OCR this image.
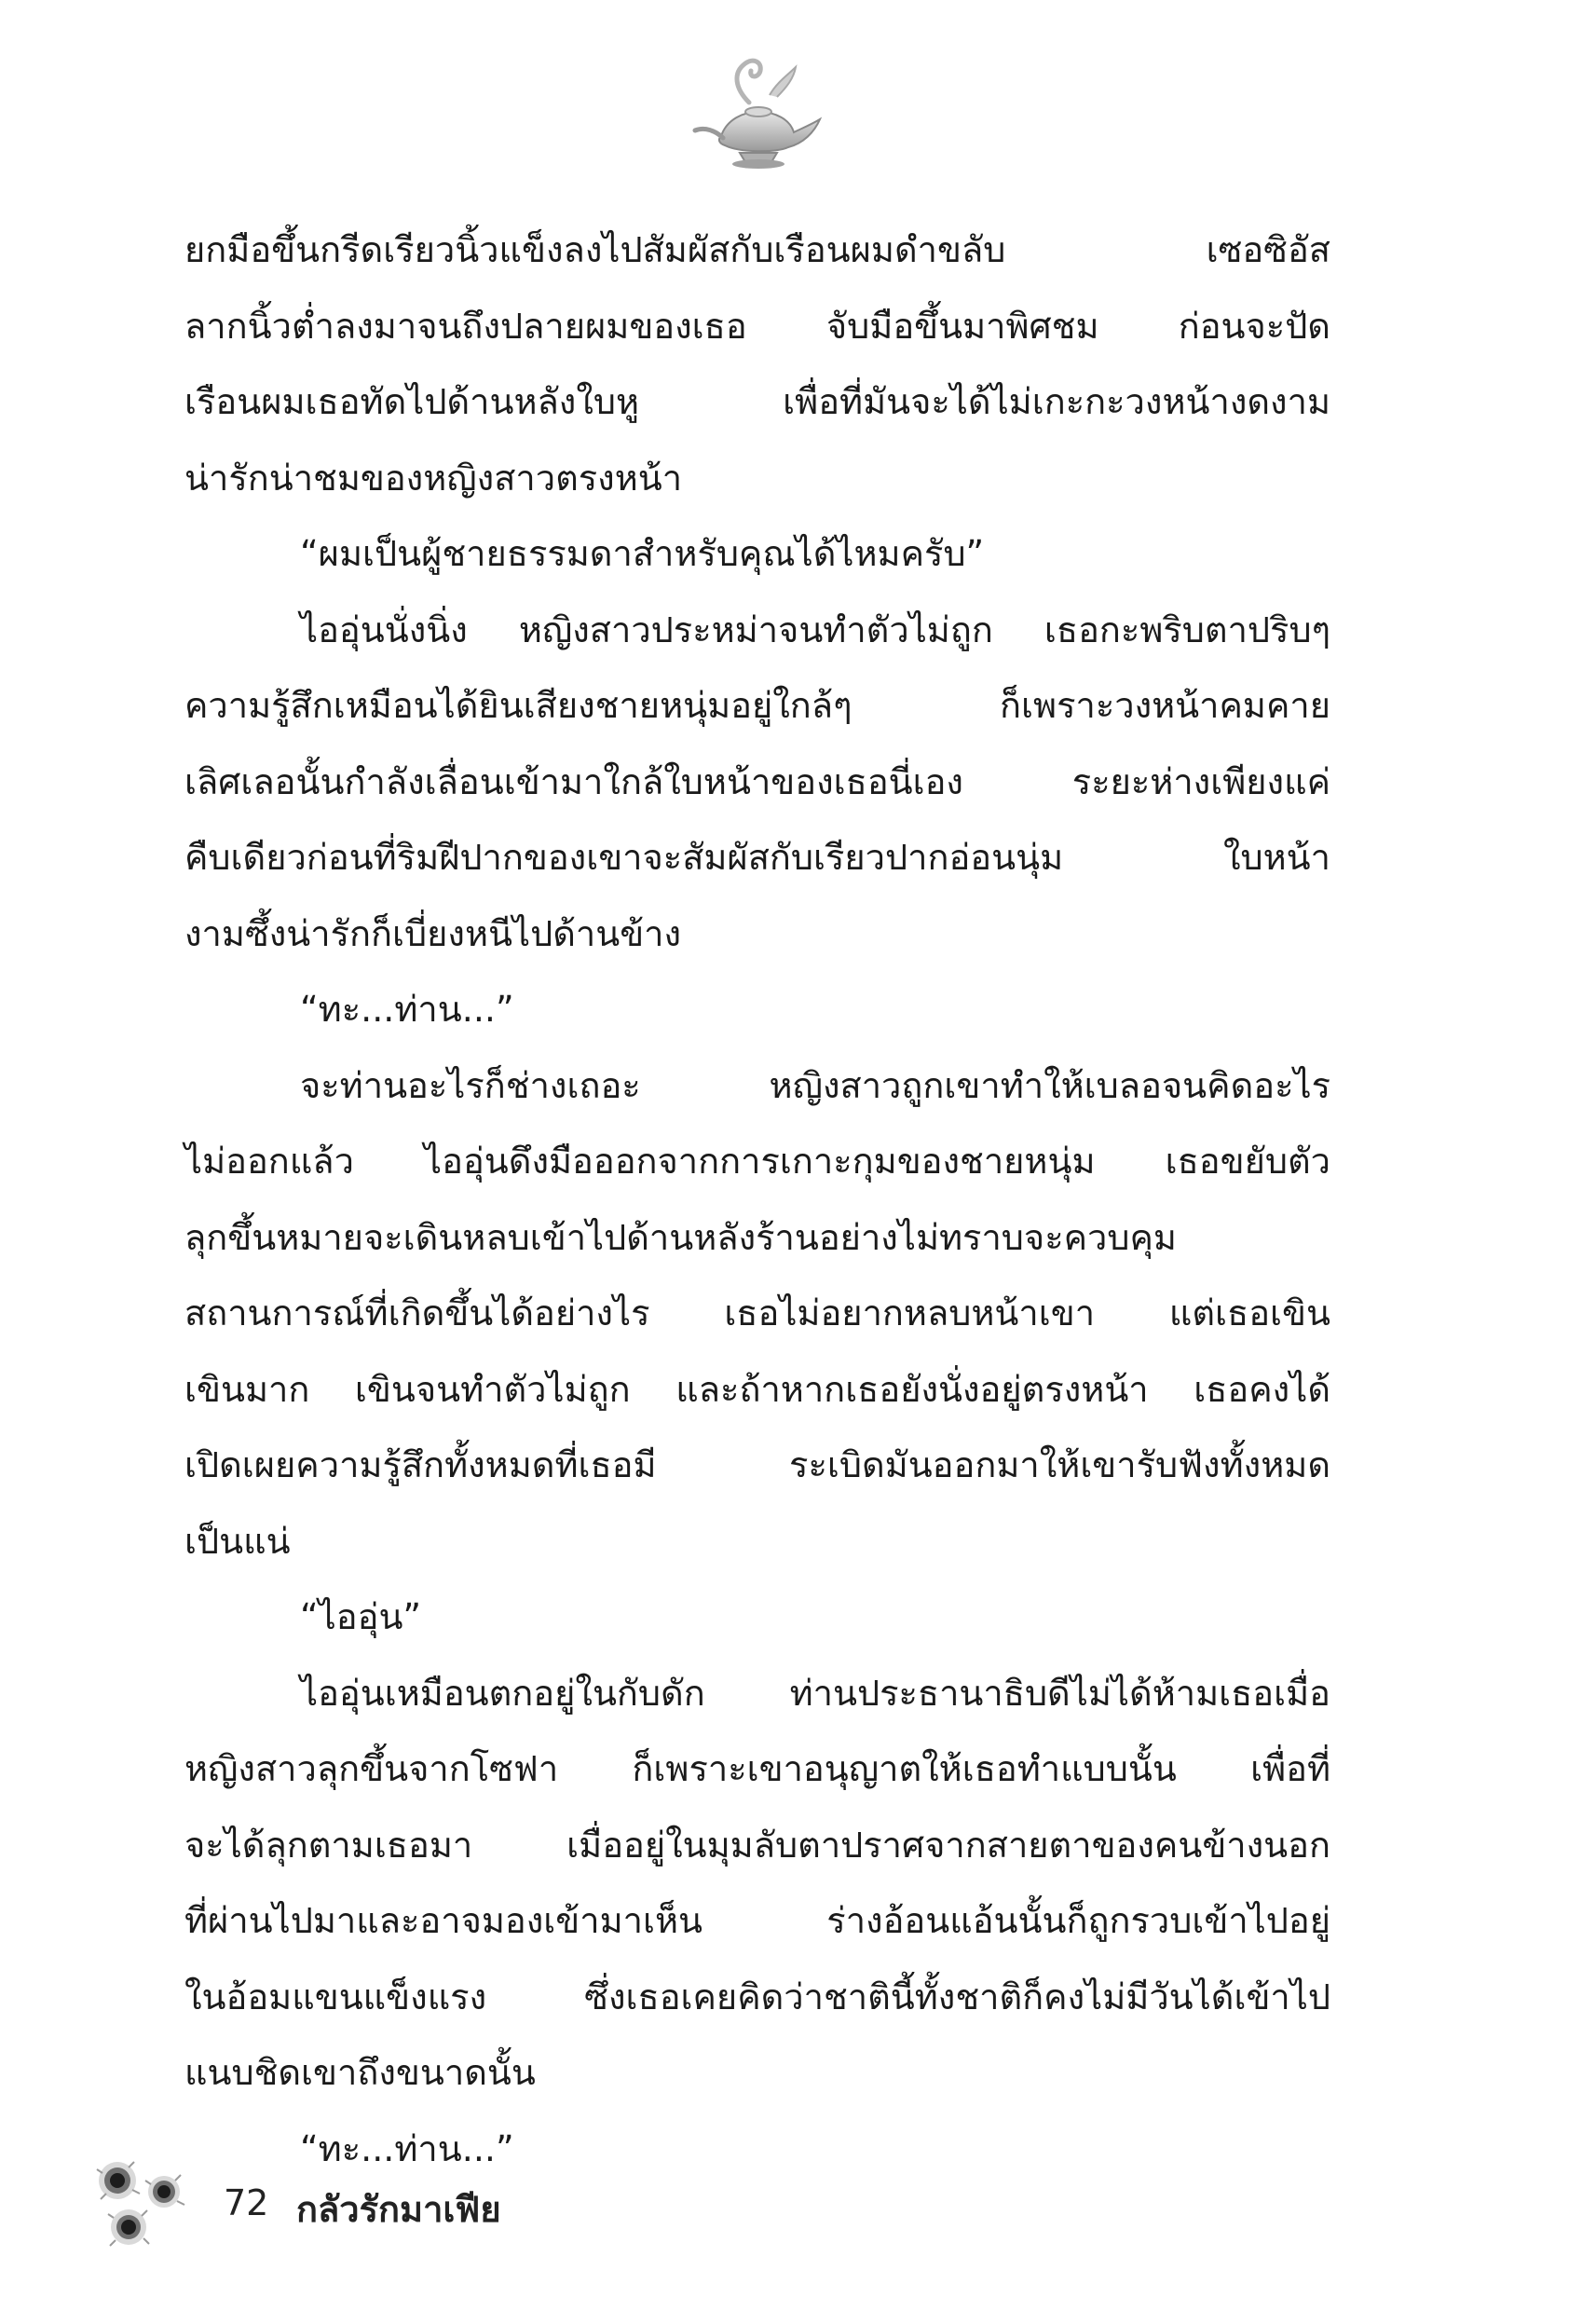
ยกมือขึ้นกรีดเรียวนิ้วแข็งลงไปสัมผัสกับเรือนผมดำขลับ เซอซิอัส
ลากนิ้วต่ำลงมาจนถึงปลายผมของเธอ จับมือขึ้นมาพิศชม ก่อนจะปัด
เรือนผมเธอทัดไปด้านหลังใบหู เพื่อที่มันจะได้ไม่เกะกะวงหน้างดงาม
น่ารักน่าชมของหญิงสาวตรงหน้า
“ผมเป็นผู้ชายธรรมดาสำหรับคุณได้ไหมครับ”
ไออุ่นนั่งนิ่ง หญิงสาวประหม่าจนทำตัวไม่ถูก เธอกะพริบตาปริบๆ
ความรู้สึกเหมือนได้ยินเสียงชายหนุ่มอยู่ใกล้ๆ ก็เพราะวงหน้าคมคาย
เลิศเลอนั้นกำลังเลื่อนเข้ามาใกล้ใบหน้าของเธอนี่เอง ระยะห่างเพียงแค่
คืบเดียวก่อนที่ริมฝีปากของเขาจะสัมผัสกับเรียวปากอ่อนนุ่ม ใบหน้า
งามซึ้งน่ารักก็เบี่ยงหนีไปด้านข้าง
“ทะ...ท่าน...”
จะท่านอะไรก็ช่างเถอะ หญิงสาวถูกเขาทำให้เบลอจนคิดอะไร
ไม่ออกแล้ว ไออุ่นดึงมือออกจากการเกาะกุมของชายหนุ่ม เธอขยับตัว
ลุกขึ้นหมายจะเดินหลบเข้าไปด้านหลังร้านอย่างไม่ทราบจะควบคุม
สถานการณ์ที่เกิดขึ้นได้อย่างไร เธอไม่อยากหลบหน้าเขา แต่เธอเขิน
เขินมาก เขินจนทำตัวไม่ถูก และถ้าหากเธอยังนั่งอยู่ตรงหน้า เธอคงได้
เปิดเผยความรู้สึกทั้งหมดที่เธอมี ระเบิดมันออกมาให้เขารับฟังทั้งหมด
เป็นแน่
“ไออุ่น”
ไออุ่นเหมือนตกอยู่ในกับดัก ท่านประธานาธิบดีไม่ได้ห้ามเธอเมื่อ
หญิงสาวลุกขึ้นจากโซฟา ก็เพราะเขาอนุญาตให้เธอทำแบบนั้น เพื่อที่
จะได้ลุกตามเธอมา เมื่ออยู่ในมุมลับตาปราศจากสายตาของคนข้างนอก
ที่ผ่านไปมาและอาจมองเข้ามาเห็น ร่างอ้อนแอ้นนั้นก็ถูกรวบเข้าไปอยู่
ในอ้อมแขนแข็งแรง ซึ่งเธอเคยคิดว่าชาตินี้ทั้งชาติก็คงไม่มีวันได้เข้าไป
แนบชิดเขาถึงขนาดนั้น
“ทะ...ท่าน...”
72 กลัวรักมาเฟีย
